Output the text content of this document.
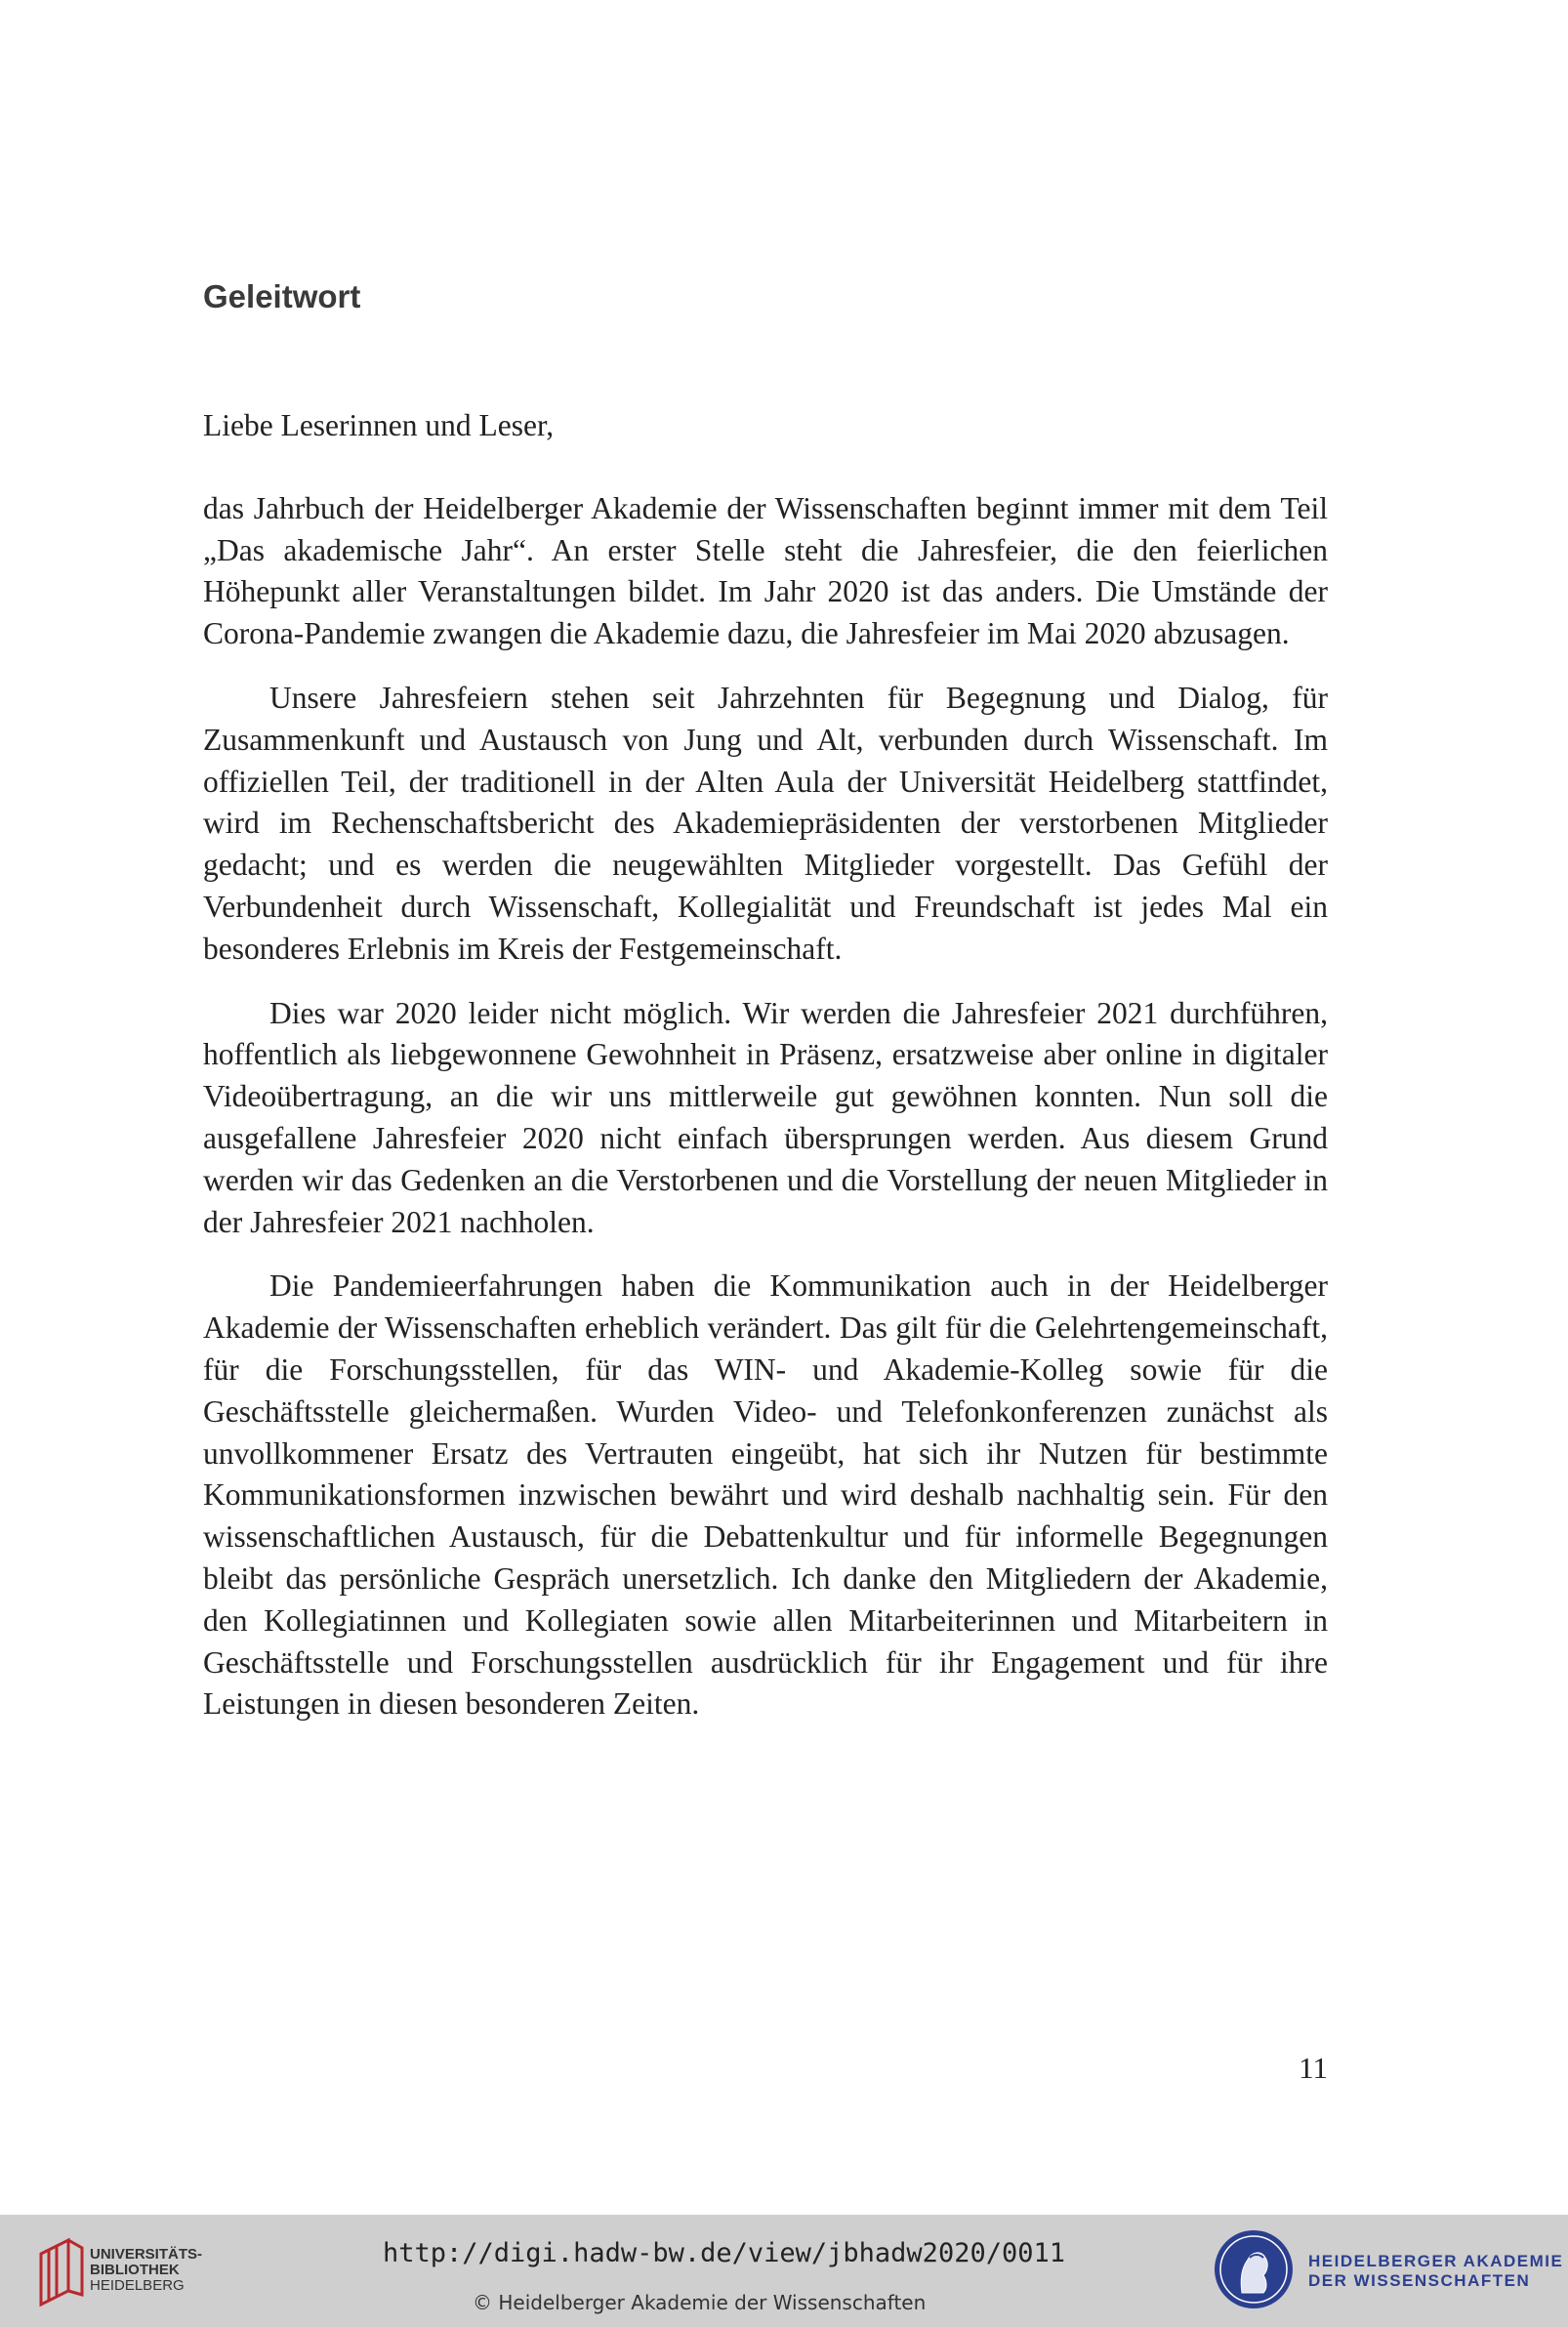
Geleitwort

Liebe Leserinnen und Leser,

das Jahrbuch der Heidelberger Akademie der Wissenschaften beginnt immer mit dem Teil „Das akademische Jahr“. An erster Stelle steht die Jahresfeier, die den feierlichen Höhepunkt aller Veranstaltungen bildet. Im Jahr 2020 ist das anders. Die Umstände der Corona-Pandemie zwangen die Akademie dazu, die Jahresfeier im Mai 2020 abzusagen.

Unsere Jahresfeiern stehen seit Jahrzehnten für Begegnung und Dialog, für Zusammenkunft und Austausch von Jung und Alt, verbunden durch Wissenschaft. Im offiziellen Teil, der traditionell in der Alten Aula der Universität Heidelberg stattfindet, wird im Rechenschaftsbericht des Akademiepräsidenten der verstorbenen Mitglieder gedacht; und es werden die neugewählten Mitglieder vorgestellt. Das Gefühl der Verbundenheit durch Wissenschaft, Kollegialität und Freundschaft ist jedes Mal ein besonderes Erlebnis im Kreis der Festgemeinschaft.

Dies war 2020 leider nicht möglich. Wir werden die Jahresfeier 2021 durchführen, hoffentlich als liebgewonnene Gewohnheit in Präsenz, ersatzweise aber online in digitaler Videoübertragung, an die wir uns mittlerweile gut gewöhnen konnten. Nun soll die ausgefallene Jahresfeier 2020 nicht einfach übersprungen werden. Aus diesem Grund werden wir das Gedenken an die Verstorbenen und die Vorstellung der neuen Mitglieder in der Jahresfeier 2021 nachholen.

Die Pandemieerfahrungen haben die Kommunikation auch in der Heidelberger Akademie der Wissenschaften erheblich verändert. Das gilt für die Gelehrtengemeinschaft, für die Forschungsstellen, für das WIN- und Akademie-Kolleg sowie für die Geschäftsstelle gleichermaßen. Wurden Video- und Telefonkonferenzen zunächst als unvollkommener Ersatz des Vertrauten eingeübt, hat sich ihr Nutzen für bestimmte Kommunikationsformen inzwischen bewährt und wird deshalb nachhaltig sein. Für den wissenschaftlichen Austausch, für die Debattenkultur und für informelle Begegnungen bleibt das persönliche Gespräch unersetzlich. Ich danke den Mitgliedern der Akademie, den Kollegiatinnen und Kollegiaten sowie allen Mitarbeiterinnen und Mitarbeitern in Geschäftsstelle und Forschungsstellen ausdrücklich für ihr Engagement und für ihre Leistungen in diesen besonderen Zeiten.

11
UNIVERSITÄTS-
BIBLIOTHEK
HEIDELBERG
http://digi.hadw-bw.de/view/jbhadw2020/0011
© Heidelberger Akademie der Wissenschaften
HEIDELBERGER AKADEMIE
DER WISSENSCHAFTEN
